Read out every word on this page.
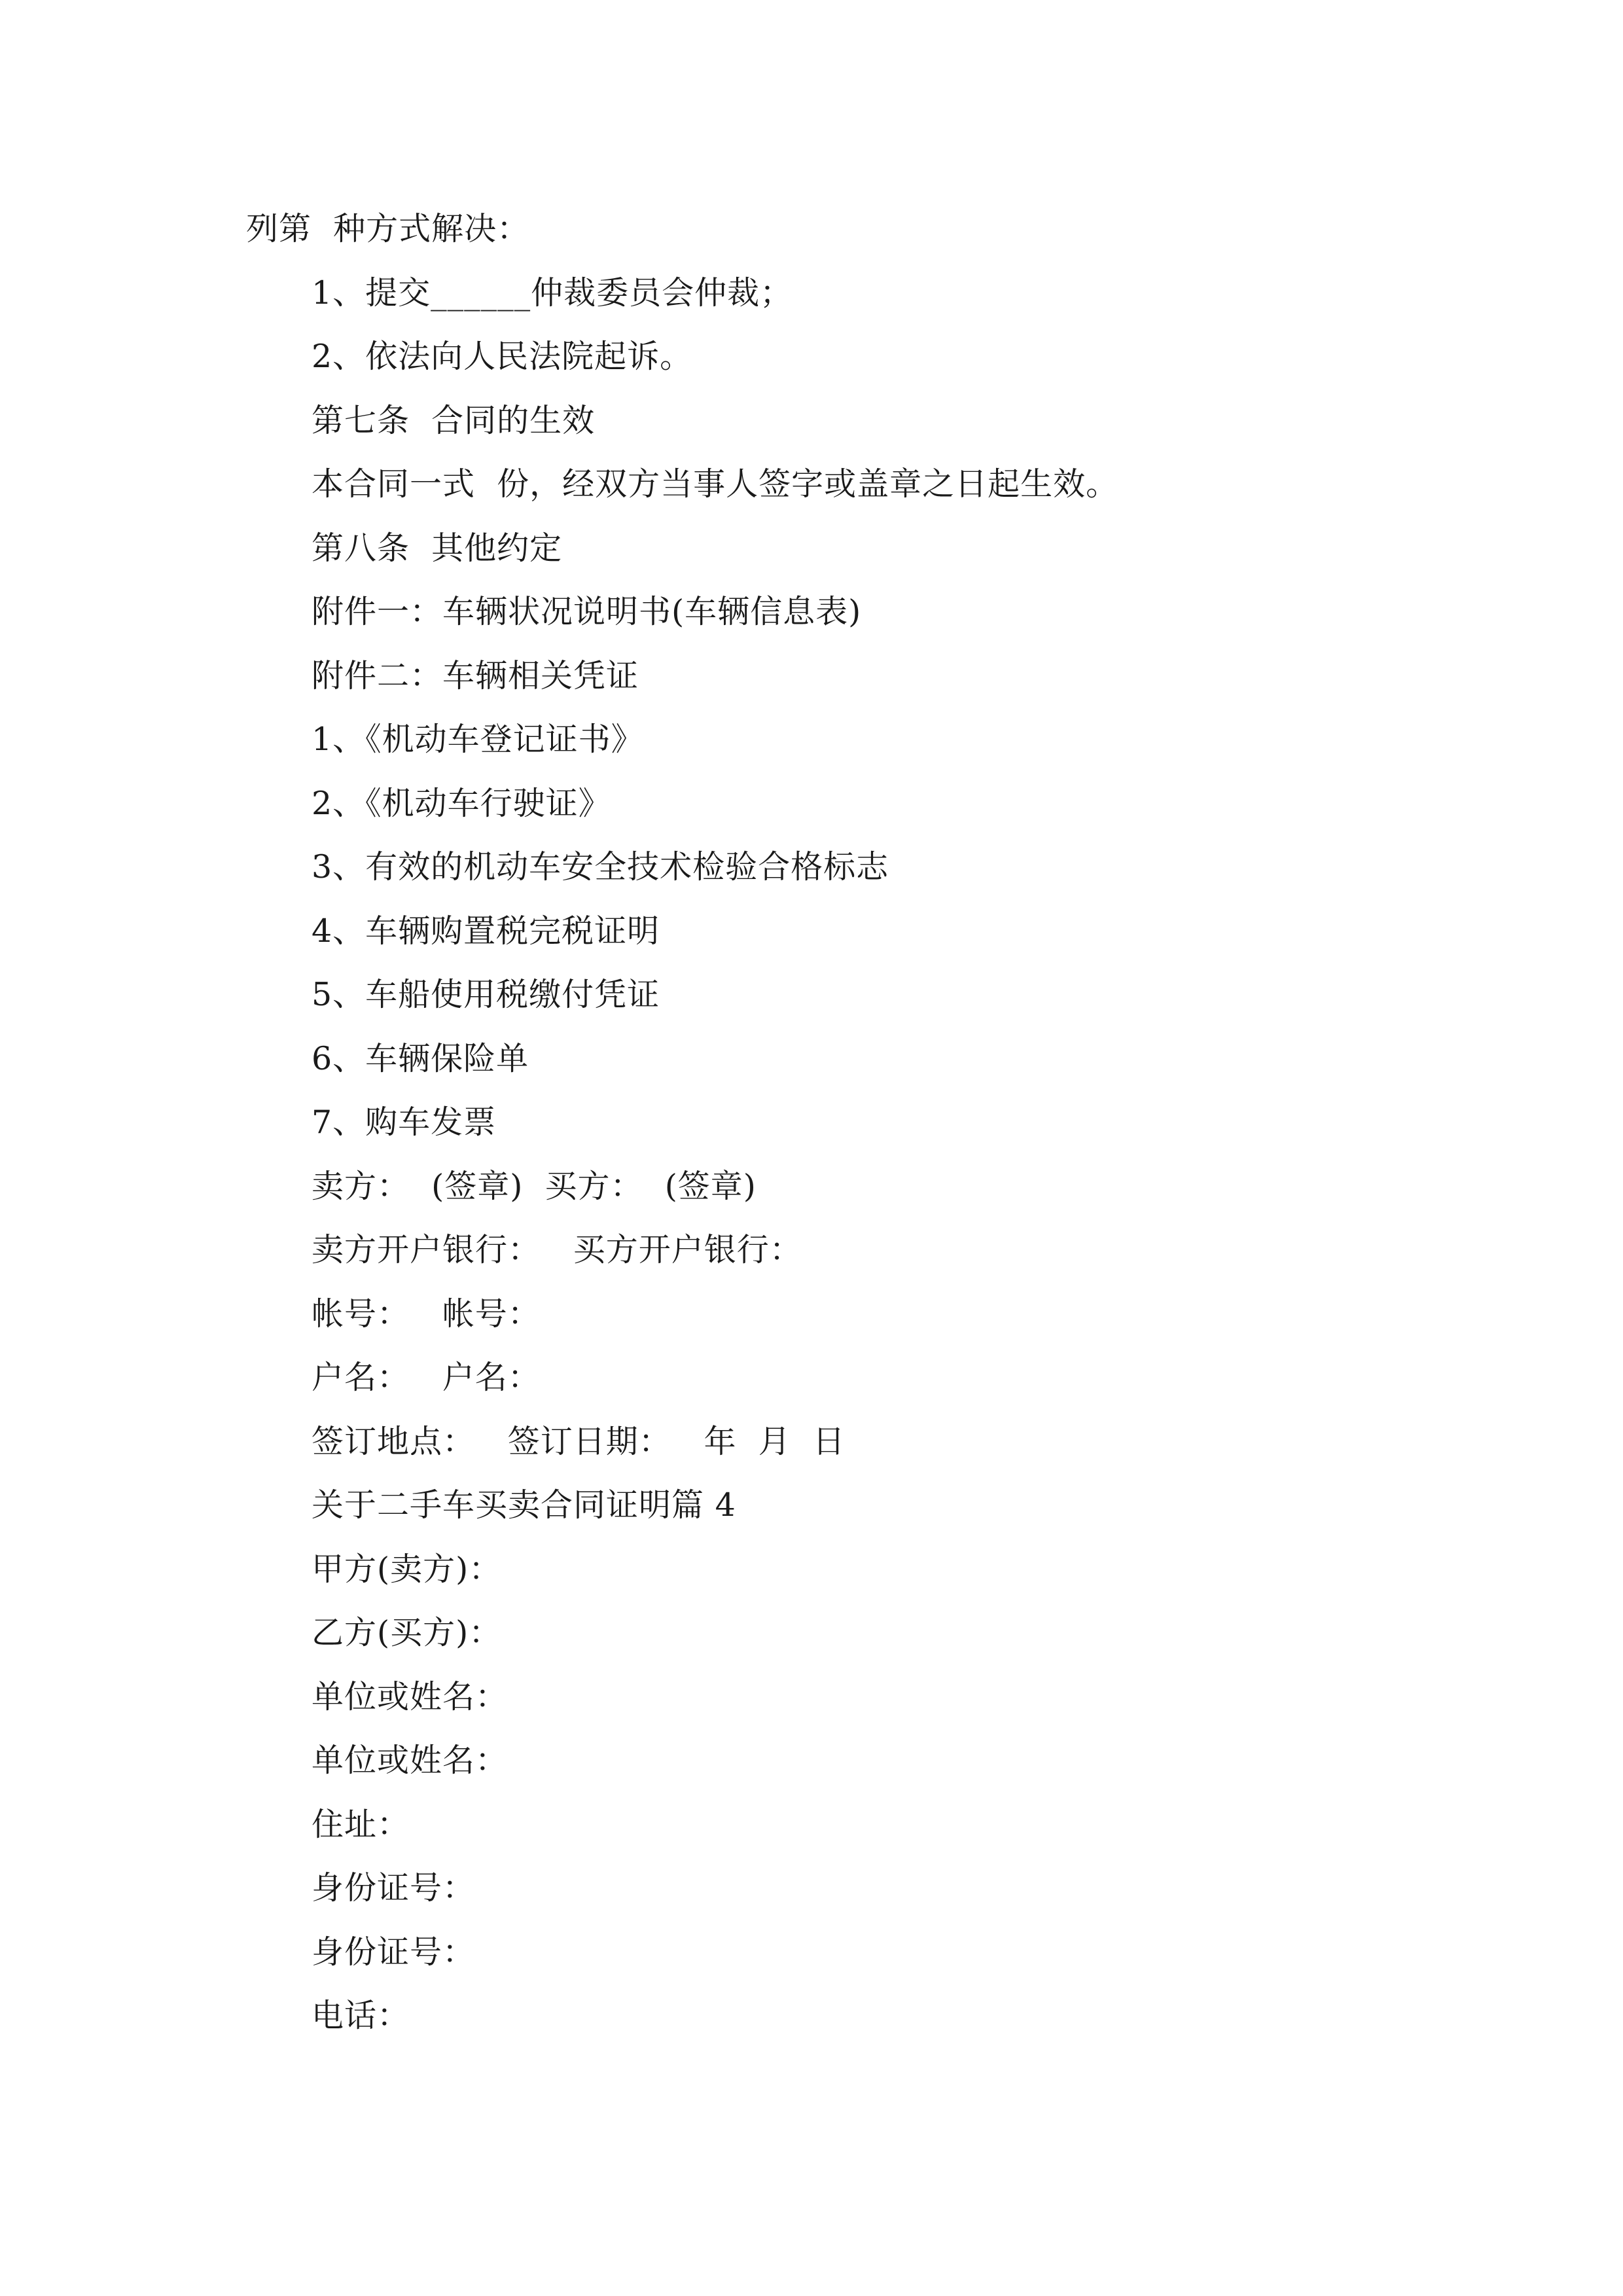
列第  种方式解决：
1、提交______仲裁委员会仲裁；
2、依法向人民法院起诉。
第七条  合同的生效
本合同一式  份，经双方当事人签字或盖章之日起生效。
第八条  其他约定
附件一：车辆状况说明书(车辆信息表)
附件二：车辆相关凭证
1、《机动车登记证书》
2、《机动车行驶证》
3、有效的机动车安全技术检验合格标志
4、车辆购置税完税证明
5、车船使用税缴付凭证
6、车辆保险单
7、购车发票
卖方：  (签章)  买方：  (签章)
卖方开户银行：   买方开户银行：
帐号：   帐号：
户名：   户名：
签订地点：   签订日期：   年  月  日
关于二手车买卖合同证明篇 4
甲方(卖方)：
乙方(买方)：
单位或姓名：
单位或姓名：
住址：
身份证号：
身份证号：
电话：
